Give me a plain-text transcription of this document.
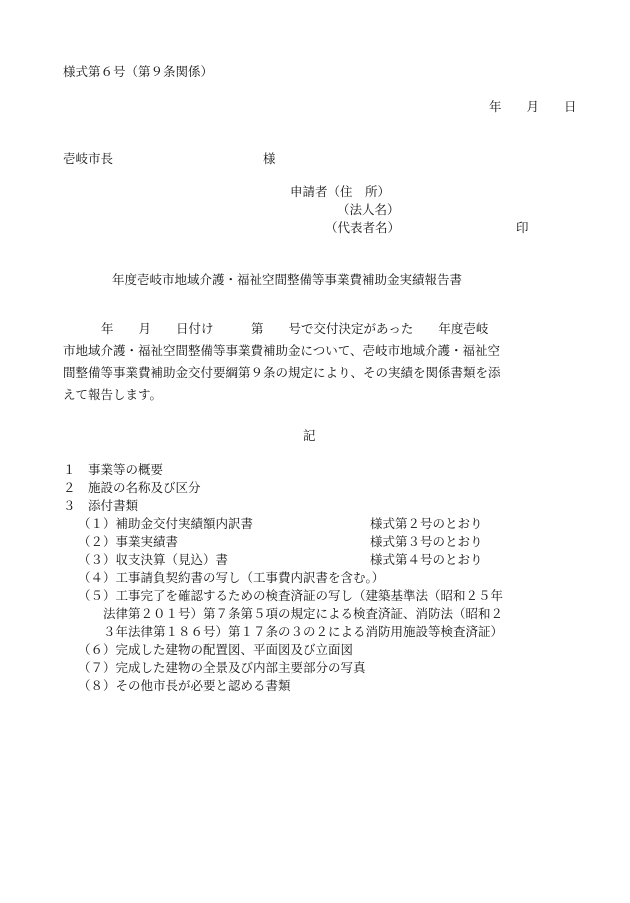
様式第６号（第９条関係）
年　　月　　日
壱岐市長	様
申請者（住　所）
（法人名）
（代表者名）	印
年度壱岐市地域介護・福祉空間整備等事業費補助金実績報告書
年　　月　　日付け　　　第　　号で交付決定があった　　年度壱岐
市地域介護・福祉空間整備等事業費補助金について、壱岐市地域介護・福祉空
間整備等事業費補助金交付要綱第９条の規定により、その実績を関係書類を添
えて報告します。
記
１　事業等の概要
２　施設の名称及び区分
３　添付書類
（１）補助金交付実績額内訳書	様式第２号のとおり
（２）事業実績書	様式第３号のとおり
（３）収支決算（見込）書	様式第４号のとおり
（４）工事請負契約書の写し（工事費内訳書を含む。）
（５）工事完了を確認するための検査済証の写し（建築基準法（昭和２５年
法律第２０１号）第７条第５項の規定による検査済証、消防法（昭和２
３年法律第１８６号）第１７条の３の２による消防用施設等検査済証）
（６）完成した建物の配置図、平面図及び立面図
（７）完成した建物の全景及び内部主要部分の写真
（８）その他市長が必要と認める書類
